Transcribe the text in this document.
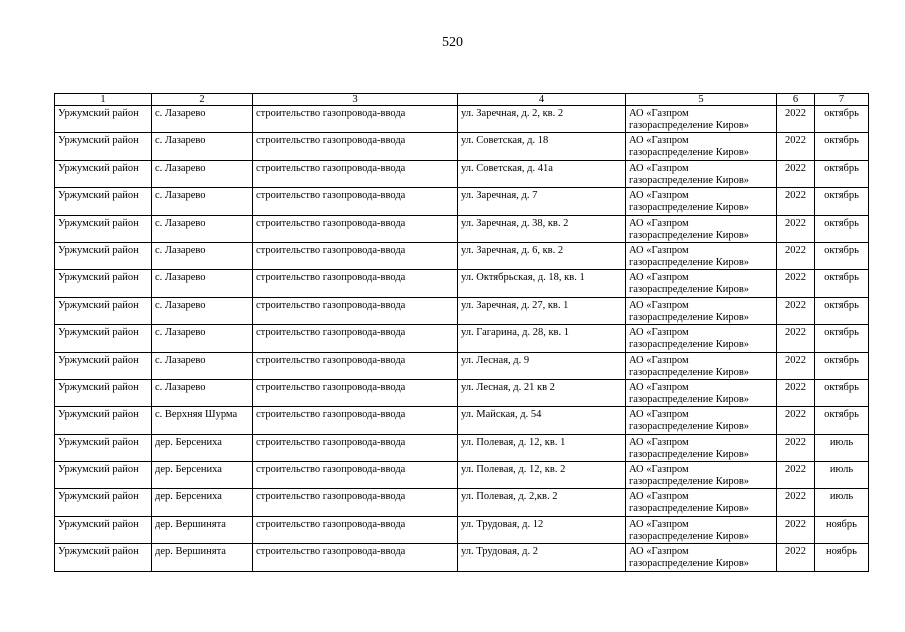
520
1	2	3	4	5	6	7
Уржумский район	с. Лазарево	строительство газопровода-ввода	ул. Заречная, д. 2, кв. 2	АО «Газпром газораспределение Киров»	2022	октябрь
Уржумский район	с. Лазарево	строительство газопровода-ввода	ул. Советская, д. 18	АО «Газпром газораспределение Киров»	2022	октябрь
Уржумский район	с. Лазарево	строительство газопровода-ввода	ул. Советская, д. 41а	АО «Газпром газораспределение Киров»	2022	октябрь
Уржумский район	с. Лазарево	строительство газопровода-ввода	ул. Заречная, д. 7	АО «Газпром газораспределение Киров»	2022	октябрь
Уржумский район	с. Лазарево	строительство газопровода-ввода	ул. Заречная, д. 38, кв. 2	АО «Газпром газораспределение Киров»	2022	октябрь
Уржумский район	с. Лазарево	строительство газопровода-ввода	ул. Заречная, д. 6, кв. 2	АО «Газпром газораспределение Киров»	2022	октябрь
Уржумский район	с. Лазарево	строительство газопровода-ввода	ул. Октябрьская, д. 18, кв. 1	АО «Газпром газораспределение Киров»	2022	октябрь
Уржумский район	с. Лазарево	строительство газопровода-ввода	ул. Заречная, д. 27, кв. 1	АО «Газпром газораспределение Киров»	2022	октябрь
Уржумский район	с. Лазарево	строительство газопровода-ввода	ул. Гагарина, д. 28, кв. 1	АО «Газпром газораспределение Киров»	2022	октябрь
Уржумский район	с. Лазарево	строительство газопровода-ввода	ул. Лесная, д. 9	АО «Газпром газораспределение Киров»	2022	октябрь
Уржумский район	с. Лазарево	строительство газопровода-ввода	ул. Лесная, д. 21 кв 2	АО «Газпром газораспределение Киров»	2022	октябрь
Уржумский район	с. Верхняя Шурма	строительство газопровода-ввода	ул. Майская, д. 54	АО «Газпром газораспределение Киров»	2022	октябрь
Уржумский район	дер. Берсениха	строительство газопровода-ввода	ул. Полевая, д. 12, кв. 1	АО «Газпром газораспределение Киров»	2022	июль
Уржумский район	дер. Берсениха	строительство газопровода-ввода	ул. Полевая, д. 12, кв. 2	АО «Газпром газораспределение Киров»	2022	июль
Уржумский район	дер. Берсениха	строительство газопровода-ввода	ул. Полевая, д. 2,кв. 2	АО «Газпром газораспределение Киров»	2022	июль
Уржумский район	дер. Вершинята	строительство газопровода-ввода	ул. Трудовая, д. 12	АО «Газпром газораспределение Киров»	2022	ноябрь
Уржумский район	дер. Вершинята	строительство газопровода-ввода	ул. Трудовая, д. 2	АО «Газпром газораспределение Киров»	2022	ноябрь
